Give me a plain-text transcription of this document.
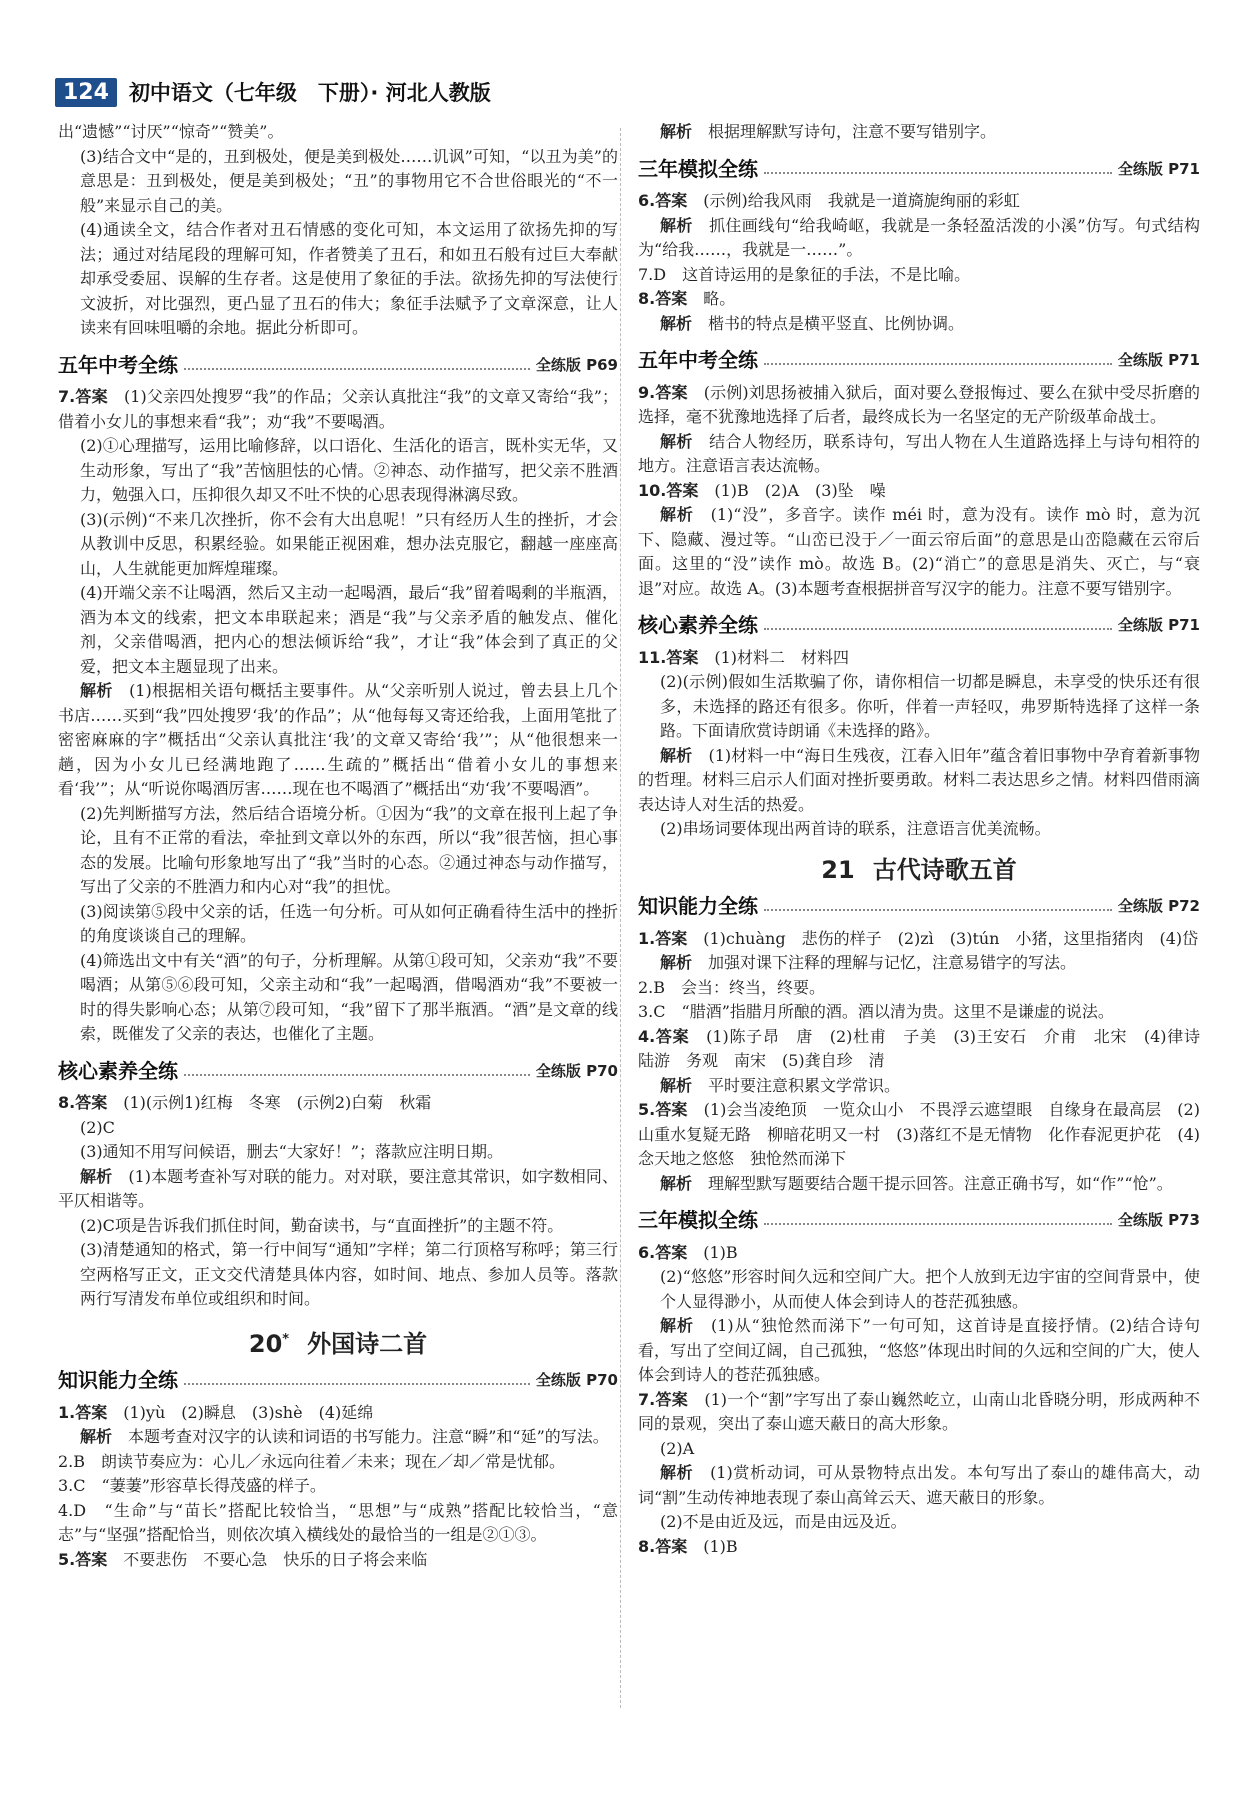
124 初中语文（七年级　下册）· 河北人教版

出“遗憾”“讨厌”“惊奇”“赞美”。

(3)结合文中“是的，丑到极处，便是美到极处……讥讽”可知，“以丑为美”的意思是：丑到极处，便是美到极处；“丑”的事物用它不合世俗眼光的“不一般”来显示自己的美。

(4)通读全文，结合作者对丑石情感的变化可知，本文运用了欲扬先抑的写法；通过对结尾段的理解可知，作者赞美了丑石，和如丑石般有过巨大奉献却承受委屈、误解的生存者。这是使用了象征的手法。欲扬先抑的写法使行文波折，对比强烈，更凸显了丑石的伟大；象征手法赋予了文章深意，让人读来有回味咀嚼的余地。据此分析即可。

五年中考全练	全练版 P69

7.答案　 (1)父亲四处搜罗“我”的作品；父亲认真批注“我”的文章又寄给“我”；借着小女儿的事想来看“我”；劝“我”不要喝酒。

(2)①心理描写，运用比喻修辞，以口语化、生活化的语言，既朴实无华，又生动形象，写出了“我”苦恼胆怯的心情。②神态、动作描写，把父亲不胜酒力，勉强入口，压抑很久却又不吐不快的心思表现得淋漓尽致。

(3)(示例)“不来几次挫折，你不会有大出息呢！”只有经历人生的挫折，才会从教训中反思，积累经验。如果能正视困难，想办法克服它，翻越一座座高山，人生就能更加辉煌璀璨。

(4)开端父亲不让喝酒，然后又主动一起喝酒，最后“我”留着喝剩的半瓶酒，酒为本文的线索，把文本串联起来；酒是“我”与父亲矛盾的触发点、催化剂，父亲借喝酒，把内心的想法倾诉给“我”，才让“我”体会到了真正的父爱，把文本主题显现了出来。

解析　 (1)根据相关语句概括主要事件。从“父亲听别人说过，曾去县上几个书店……买到“我”四处搜罗‘我’的作品”；从“他每每又寄还给我，上面用笔批了密密麻麻的字”概括出“父亲认真批注‘我’的文章又寄给‘我’”；从“他很想来一趟，因为小女儿已经满地跑了……生疏的”概括出“借着小女儿的事想来看‘我’”；从“听说你喝酒厉害……现在也不喝酒了”概括出“劝‘我’不要喝酒”。

(2)先判断描写方法，然后结合语境分析。①因为“我”的文章在报刊上起了争论，且有不正常的看法，牵扯到文章以外的东西，所以“我”很苦恼，担心事态的发展。比喻句形象地写出了“我”当时的心态。②通过神态与动作描写，写出了父亲的不胜酒力和内心对“我”的担忧。

(3)阅读第⑤段中父亲的话，任选一句分析。可从如何正确看待生活中的挫折的角度谈谈自己的理解。

(4)筛选出文中有关“酒”的句子，分析理解。从第①段可知，父亲劝“我”不要喝酒；从第⑤⑥段可知，父亲主动和“我”一起喝酒，借喝酒劝“我”不要被一时的得失影响心态；从第⑦段可知，“我”留下了那半瓶酒。“酒”是文章的线索，既催发了父亲的表达，也催化了主题。

核心素养全练	全练版 P70

8.答案　 (1)(示例1)红梅　冬寒　(示例2)白菊　秋霜

(2)C

(3)通知不用写问候语，删去“大家好！”；落款应注明日期。

解析　 (1)本题考查补写对联的能力。对对联，要注意其常识，如字数相同、平仄相谐等。

(2)C项是告诉我们抓住时间，勤奋读书，与“直面挫折”的主题不符。

(3)清楚通知的格式，第一行中间写“通知”字样；第二行顶格写称呼；第三行空两格写正文，正文交代清楚具体内容，如时间、地点、参加人员等。落款两行写清发布单位或组织和时间。

20* 外国诗二首
知识能力全练	全练版 P70

1.答案　 (1)yù　(2)瞬息　(3)shè　(4)延绵

解析　 本题考查对汉字的认读和词语的书写能力。注意“瞬”和“延”的写法。

2.B　朗读节奏应为：心儿／永远向往着／未来；现在／却／常是忧郁。

3.C　“萋萋”形容草长得茂盛的样子。

4.D　“生命”与“苗长”搭配比较恰当，“思想”与“成熟”搭配比较恰当，“意志”与“坚强”搭配恰当，则依次填入横线处的最恰当的一组是②①③。

5.答案　 不要悲伤　不要心急　快乐的日子将会来临

解析　 根据理解默写诗句，注意不要写错别字。

三年模拟全练	全练版 P71

6.答案　 (示例)给我风雨　我就是一道旖旎绚丽的彩虹

解析　 抓住画线句“给我崎岖，我就是一条轻盈活泼的小溪”仿写。句式结构为“给我……，我就是一……”。

7.D　这首诗运用的是象征的手法，不是比喻。

8.答案　 略。

解析　 楷书的特点是横平竖直、比例协调。

五年中考全练	全练版 P71

9.答案　 (示例)刘思扬被捕入狱后，面对要么登报悔过、要么在狱中受尽折磨的选择，毫不犹豫地选择了后者，最终成长为一名坚定的无产阶级革命战士。

解析　 结合人物经历，联系诗句，写出人物在人生道路选择上与诗句相符的地方。注意语言表达流畅。

10.答案　 (1)B　(2)A　(3)坠　噪

解析　 (1)“没”，多音字。读作 méi 时，意为没有。读作 mò 时，意为沉下、隐藏、漫过等。“山峦已没于／一面云帘后面”的意思是山峦隐藏在云帘后面。这里的“没”读作 mò。故选 B。(2)“消亡”的意思是消失、灭亡，与“衰退”对应。故选 A。(3)本题考查根据拼音写汉字的能力。注意不要写错别字。

核心素养全练	全练版 P71

11.答案　 (1)材料二　材料四

(2)(示例)假如生活欺骗了你，请你相信一切都是瞬息，未享受的快乐还有很多，未选择的路还有很多。你听，伴着一声轻叹，弗罗斯特选择了这样一条路。下面请欣赏诗朗诵《未选择的路》。

解析　 (1)材料一中“海日生残夜，江春入旧年”蕴含着旧事物中孕育着新事物的哲理。材料三启示人们面对挫折要勇敢。材料二表达思乡之情。材料四借雨滴表达诗人对生活的热爱。

(2)串场词要体现出两首诗的联系，注意语言优美流畅。

21 古代诗歌五首
知识能力全练	全练版 P72

1.答案　 (1)chuàng　悲伤的样子　(2)zì　(3)tún　小猪，这里指猪肉　(4)岱

解析　 加强对课下注释的理解与记忆，注意易错字的写法。

2.B　会当：终当，终要。

3.C　“腊酒”指腊月所酿的酒。酒以清为贵。这里不是谦虚的说法。

4.答案　 (1)陈子昂　唐　(2)杜甫　子美　(3)王安石　介甫　北宋　(4)律诗　陆游　务观　南宋　(5)龚自珍　清

解析　 平时要注意积累文学常识。

5.答案　 (1)会当凌绝顶　一览众山小　不畏浮云遮望眼　自缘身在最高层　(2)山重水复疑无路　柳暗花明又一村　(3)落红不是无情物　化作春泥更护花　(4)念天地之悠悠　独怆然而涕下

解析　 理解型默写题要结合题干提示回答。注意正确书写，如“作”“怆”。

三年模拟全练	全练版 P73

6.答案　 (1)B

(2)“悠悠”形容时间久远和空间广大。把个人放到无边宇宙的空间背景中，使个人显得渺小，从而使人体会到诗人的苍茫孤独感。

解析　 (1)从“独怆然而涕下”一句可知，这首诗是直接抒情。(2)结合诗句看，写出了空间辽阔，自己孤独，“悠悠”体现出时间的久远和空间的广大，使人体会到诗人的苍茫孤独感。

7.答案　 (1)一个“割”字写出了泰山巍然屹立，山南山北昏晓分明，形成两种不同的景观，突出了泰山遮天蔽日的高大形象。

(2)A

解析　 (1)赏析动词，可从景物特点出发。本句写出了泰山的雄伟高大，动词“割”生动传神地表现了泰山高耸云天、遮天蔽日的形象。

(2)不是由近及远，而是由远及近。

8.答案　 (1)B
